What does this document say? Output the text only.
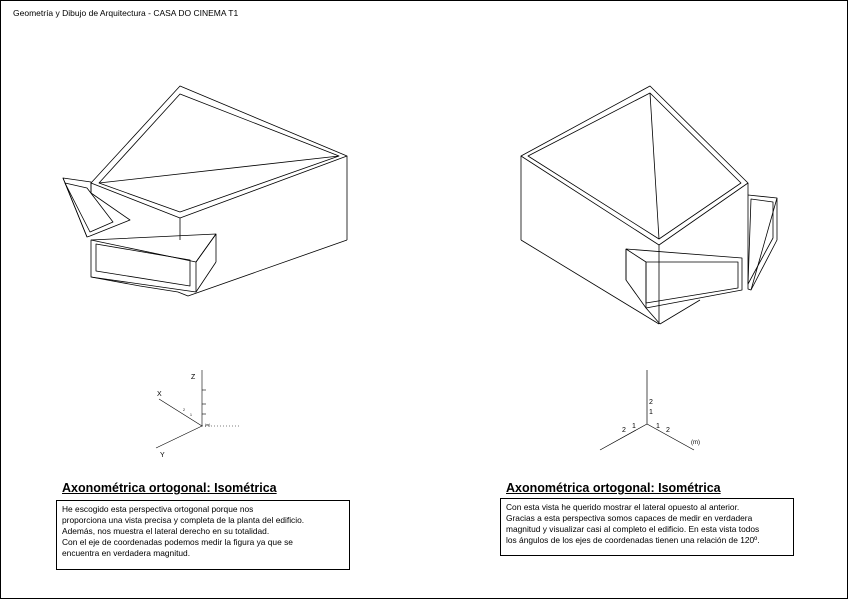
Geometría y Dibujo de Arquitectura - CASA DO CINEMA T1
Z
X
Y
2
1
(m)
2
1
2
1	1
2
(m)
Axonométrica ortogonal: Isométrica

He escogido esta perspectiva ortogonal porque nos

proporciona una vista precisa y completa de la planta del edificio.

Además, nos muestra el lateral derecho en su totalidad.

Con el eje de coordenadas podemos medir la figura ya que se

encuentra en verdadera magnitud.

Axonométrica ortogonal: Isométrica

Con esta vista he querido mostrar el lateral opuesto al anterior.

Gracias a esta perspectiva somos capaces de medir en verdadera

magnitud y visualizar casi al completo el edificio. En esta vista todos

los ángulos de los ejes de coordenadas tienen una relación de 120º.
